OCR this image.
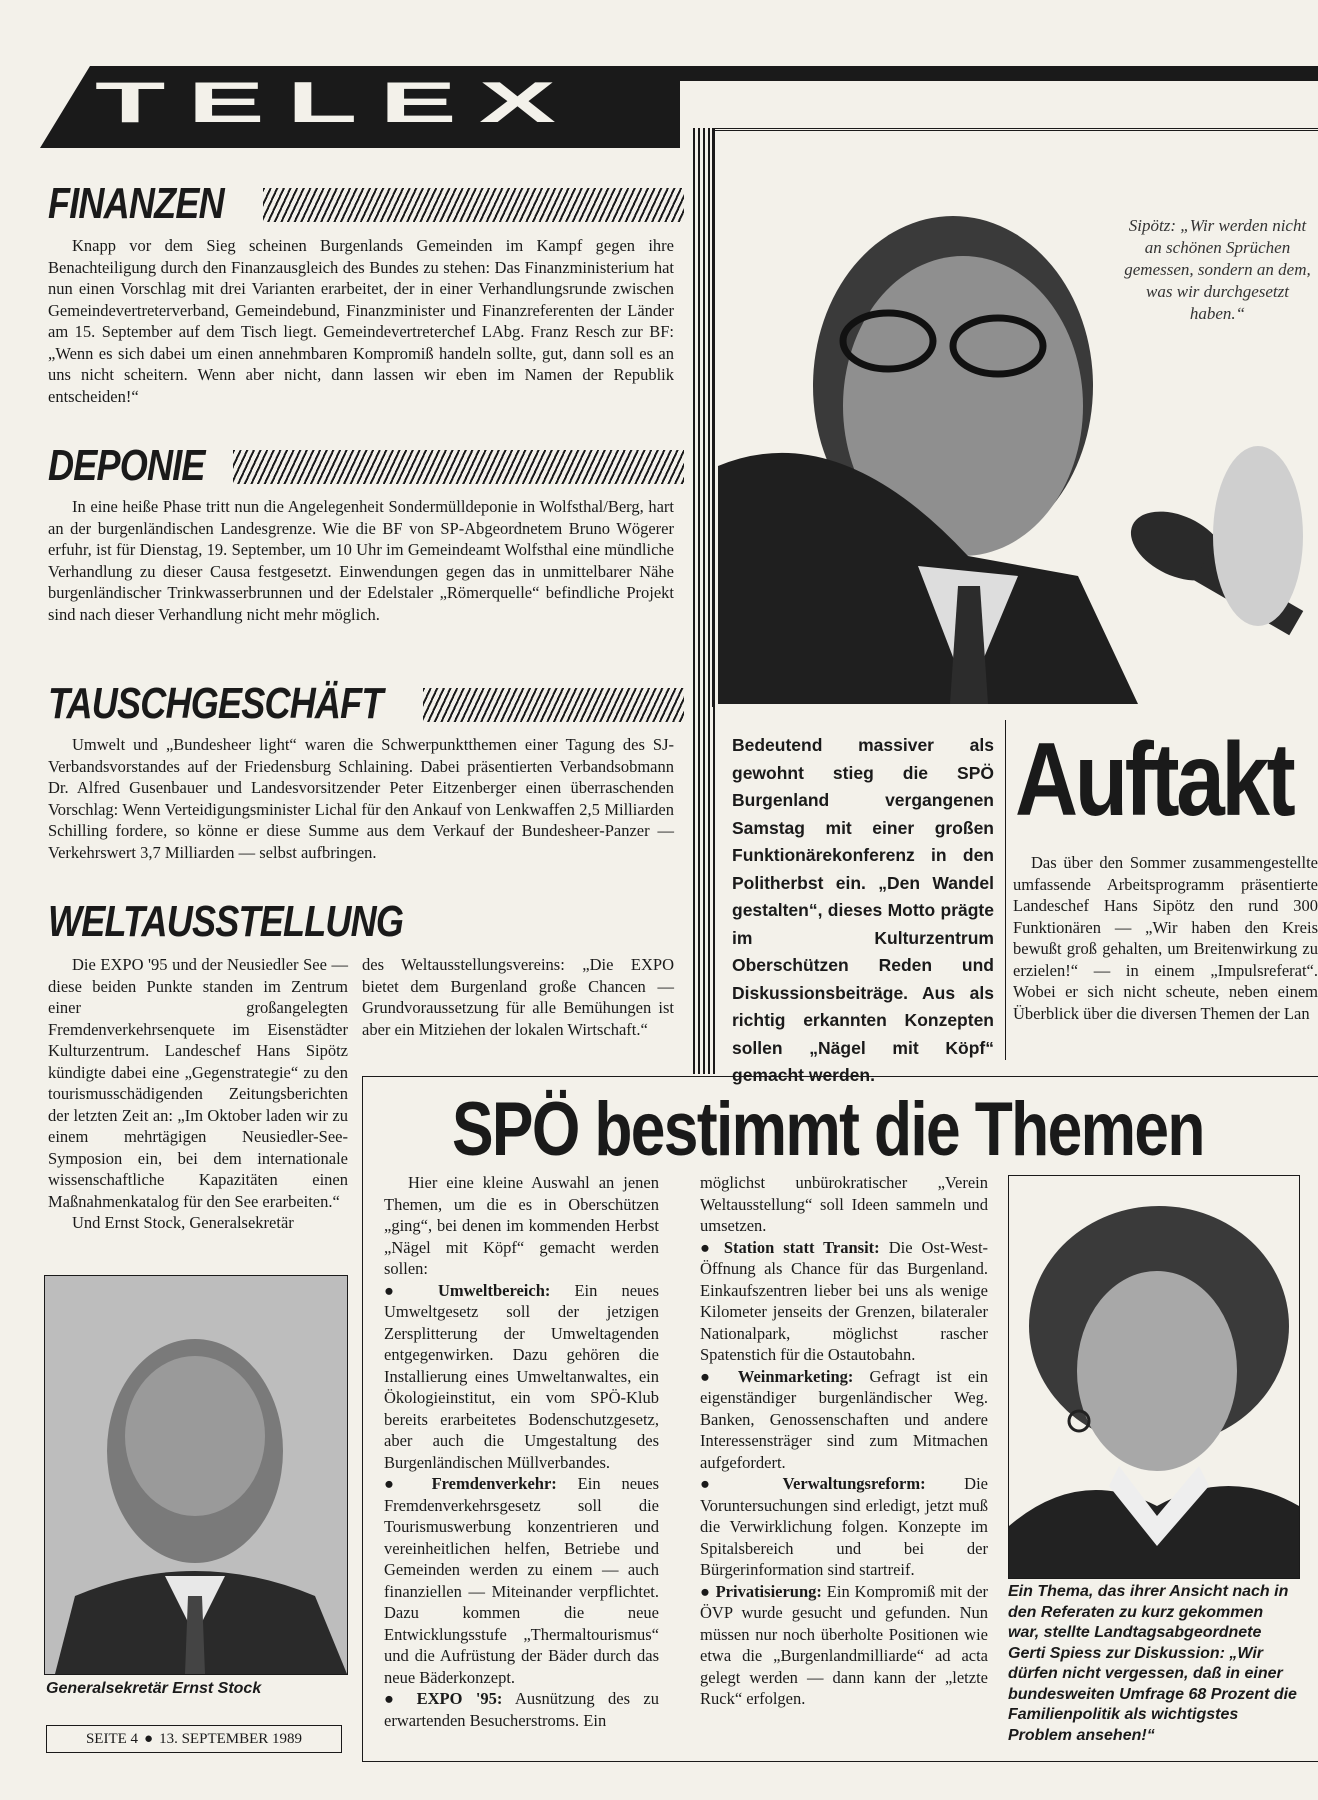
TELEX
FINANZEN

Knapp vor dem Sieg scheinen Burgenlands Gemeinden im Kampf gegen ihre Benachteiligung durch den Finanzausgleich des Bundes zu stehen: Das Finanzministerium hat nun einen Vorschlag mit drei Varianten erarbeitet, der in einer Verhandlungsrunde zwischen Gemeindevertreterverband, Gemeindebund, Finanzminister und Finanzreferenten der Länder am 15. September auf dem Tisch liegt. Gemeindevertreterchef LAbg. Franz Resch zur BF: „Wenn es sich dabei um einen annehmbaren Kompromiß handeln sollte, gut, dann soll es an uns nicht scheitern. Wenn aber nicht, dann lassen wir eben im Namen der Republik entscheiden!“

DEPONIE

In eine heiße Phase tritt nun die Angelegenheit Sondermülldeponie in Wolfsthal/Berg, hart an der burgenländischen Landesgrenze. Wie die BF von SP-Abgeordnetem Bruno Wögerer erfuhr, ist für Dienstag, 19. September, um 10 Uhr im Gemeindeamt Wolfsthal eine mündliche Verhandlung zu dieser Causa festgesetzt. Einwendungen gegen das in unmittelbarer Nähe burgenländischer Trinkwasserbrunnen und der Edelstaler „Römerquelle“ befindliche Projekt sind nach dieser Verhandlung nicht mehr möglich.

TAUSCHGESCHÄFT

Umwelt und „Bundesheer light“ waren die Schwerpunktthemen einer Tagung des SJ-Verbandsvorstandes auf der Friedensburg Schlaining. Dabei präsentierten Verbandsobmann Dr. Alfred Gusenbauer und Landesvorsitzender Peter Eitzenberger einen überraschenden Vorschlag: Wenn Verteidigungsminister Lichal für den Ankauf von Lenkwaffen 2,5 Milliarden Schilling fordere, so könne er diese Summe aus dem Verkauf der Bundesheer-Panzer — Verkehrswert 3,7 Milliarden — selbst aufbringen.

WELTAUSSTELLUNG

Die EXPO '95 und der Neusiedler See — diese beiden Punkte standen im Zentrum einer großangelegten Fremdenverkehrsenquete im Eisenstädter Kulturzentrum. Landeschef Hans Sipötz kündigte dabei eine „Gegenstrategie“ zu den tourismusschädigenden Zeitungsberichten der letzten Zeit an: „Im Oktober laden wir zu einem mehrtägigen Neusiedler-See-Symposion ein, bei dem internationale wissenschaftliche Kapazitäten einen Maßnahmenkatalog für den See erarbeiten.“

Und Ernst Stock, Generalsekretär

des Weltausstellungsvereins: „Die EXPO bietet dem Burgenland große Chancen — Grundvoraussetzung für alle Bemühungen ist aber ein Mitziehen der lokalen Wirtschaft.“

Generalsekretär Ernst Stock
SEITE 4 ● 13. SEPTEMBER 1989
Sipötz: „Wir werden nicht an schönen Sprüchen gemessen, sondern an dem, was wir durchgesetzt haben.“
Bedeutend massiver als gewohnt stieg die SPÖ Burgenland vergangenen Samstag mit einer großen Funktionärekonferenz in den Politherbst ein. „Den Wandel gestalten“, dieses Motto prägte im Kulturzentrum Oberschützen Reden und Diskussionsbeiträge. Aus als richtig erkannten Konzepten sollen „Nägel mit Köpf“ gemacht werden.
Auftakt

Das über den Sommer zusammengestellte umfassende Arbeitsprogramm präsentierte Landeschef Hans Sipötz den rund 300 Funktionären — „Wir haben den Kreis bewußt groß gehalten, um Breitenwirkung zu erzielen!“ — in einem „Impulsreferat“. Wobei er sich nicht scheute, neben einem Überblick über die diversen Themen der Lan

SPÖ bestimmt die Themen

Hier eine kleine Auswahl an jenen Themen, um die es in Oberschützen „ging“, bei denen im kommenden Herbst „Nägel mit Köpf“ gemacht werden sollen:

● Umweltbereich: Ein neues Umweltgesetz soll der jetzigen Zersplitterung der Umweltagenden entgegenwirken. Dazu gehören die Installierung eines Umweltanwaltes, ein Ökologieinstitut, ein vom SPÖ-Klub bereits erarbeitetes Bodenschutzgesetz, aber auch die Umgestaltung des Burgenländischen Müllverbandes.
● Fremdenverkehr: Ein neues Fremdenverkehrsgesetz soll die Tourismuswerbung konzentrieren und vereinheitlichen helfen, Betriebe und Gemeinden werden zu einem — auch finanziellen — Miteinander verpflichtet. Dazu kommen die neue Entwicklungsstufe „Thermaltourismus“ und die Aufrüstung der Bäder durch das neue Bäderkonzept.
● EXPO '95: Ausnützung des zu erwartenden Besucherstroms. Ein

möglichst unbürokratischer „Verein Weltausstellung“ soll Ideen sammeln und umsetzen.

● Station statt Transit: Die Ost-West-Öffnung als Chance für das Burgenland. Einkaufszentren lieber bei uns als wenige Kilometer jenseits der Grenzen, bilateraler Nationalpark, möglichst rascher Spatenstich für die Ostautobahn.
● Weinmarketing: Gefragt ist ein eigenständiger burgenländischer Weg. Banken, Genossenschaften und andere Interessensträger sind zum Mitmachen aufgefordert.
● Verwaltungsreform: Die Voruntersuchungen sind erledigt, jetzt muß die Verwirklichung folgen. Konzepte im Spitalsbereich und bei der Bürgerinformation sind startreif.
● Privatisierung: Ein Kompromiß mit der ÖVP wurde gesucht und gefunden. Nun müssen nur noch überholte Positionen wie etwa die „Burgenlandmilliarde“ ad acta gelegt werden — dann kann der „letzte Ruck“ erfolgen.
Ein Thema, das ihrer Ansicht nach in den Referaten zu kurz gekommen war, stellte Landtagsabgeordnete Gerti Spiess zur Diskussion: „Wir dürfen nicht vergessen, daß in einer bundesweiten Umfrage 68 Prozent die Familienpolitik als wichtigstes Problem ansehen!“
